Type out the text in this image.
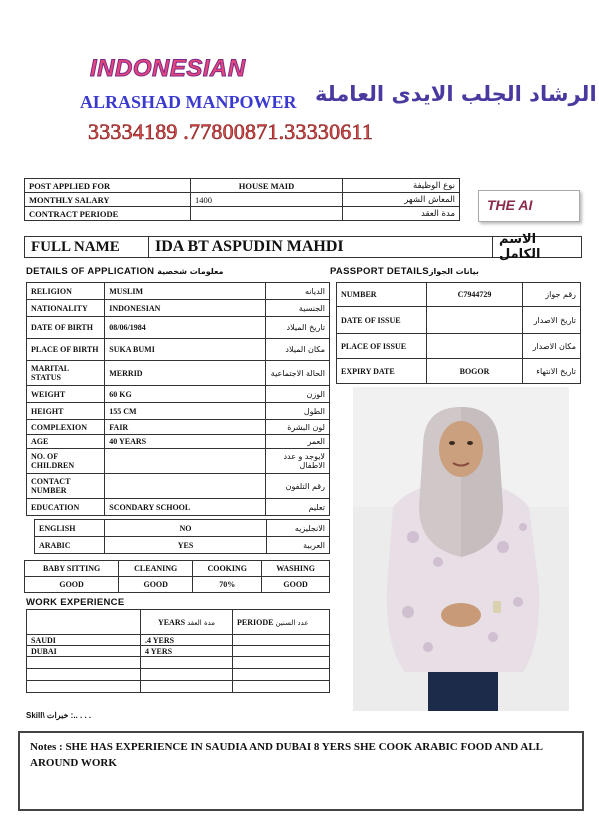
INDONESIAN
ALRASHAD MANPOWER الرشاد الجلب الايدى العاملة
33334189 .77800871.33330611
POST APPLIED FOR	HOUSE MAID	نوع الوظيفة
MONTHLY SALARY	1400	المعاش الشهر
CONTRACT PERIODE		مدة العقد
THE AI
FULL NAME	IDA BT ASPUDIN MAHDI	الاسم الكامل
DETAILS OF APPLICATION معلومات شخصية	PASSPORT DETAILSبيانات الجواز
RELIGION	MUSLIM	الديانه
NATIONALITY	INDONESIAN	الجنسية
DATE OF BIRTH	08/06/1984	تاريخ الميلاد
PLACE OF BIRTH	SUKA BUMI	مكان الميلاد
MARITAL STATUS	MERRID	الحالة الاجتماعية
WEIGHT	60 KG	الوزن
HEIGHT	155 CM	الطول
COMPLEXION	FAIR	لون البشرة
AGE	40 YEARS	العمر
NO. OF CHILDREN		لايوجد و عدد الاطفال
CONTACT NUMBER		رقم التلفون
EDUCATION	SCONDARY SCHOOL	تعليم
ENGLISH	NO	الانجليزيه
ARABIC	YES	العربية
BABY SITTING	CLEANING	COOKING	WASHING
GOOD	GOOD	70%	GOOD
WORK EXPERIENCE
	YEARS مدة العقد	PERIODE عدد السنين
SAUDI	.4 YERS	
DUBAI	4 YERS	

NUMBER	C7944729	رقم جواز
DATE OF ISSUE		تاريخ الاصدار
PLACE OF ISSUE		مكان الاصدار
EXPIRY DATE	BOGOR	تاريخ الانتهاء
Skill\ خبرات :.. . . .
Notes : SHE HAS EXPERIENCE IN SAUDIA AND DUBAI 8 YERS SHE COOK ARABIC FOOD AND ALL AROUND WORK
